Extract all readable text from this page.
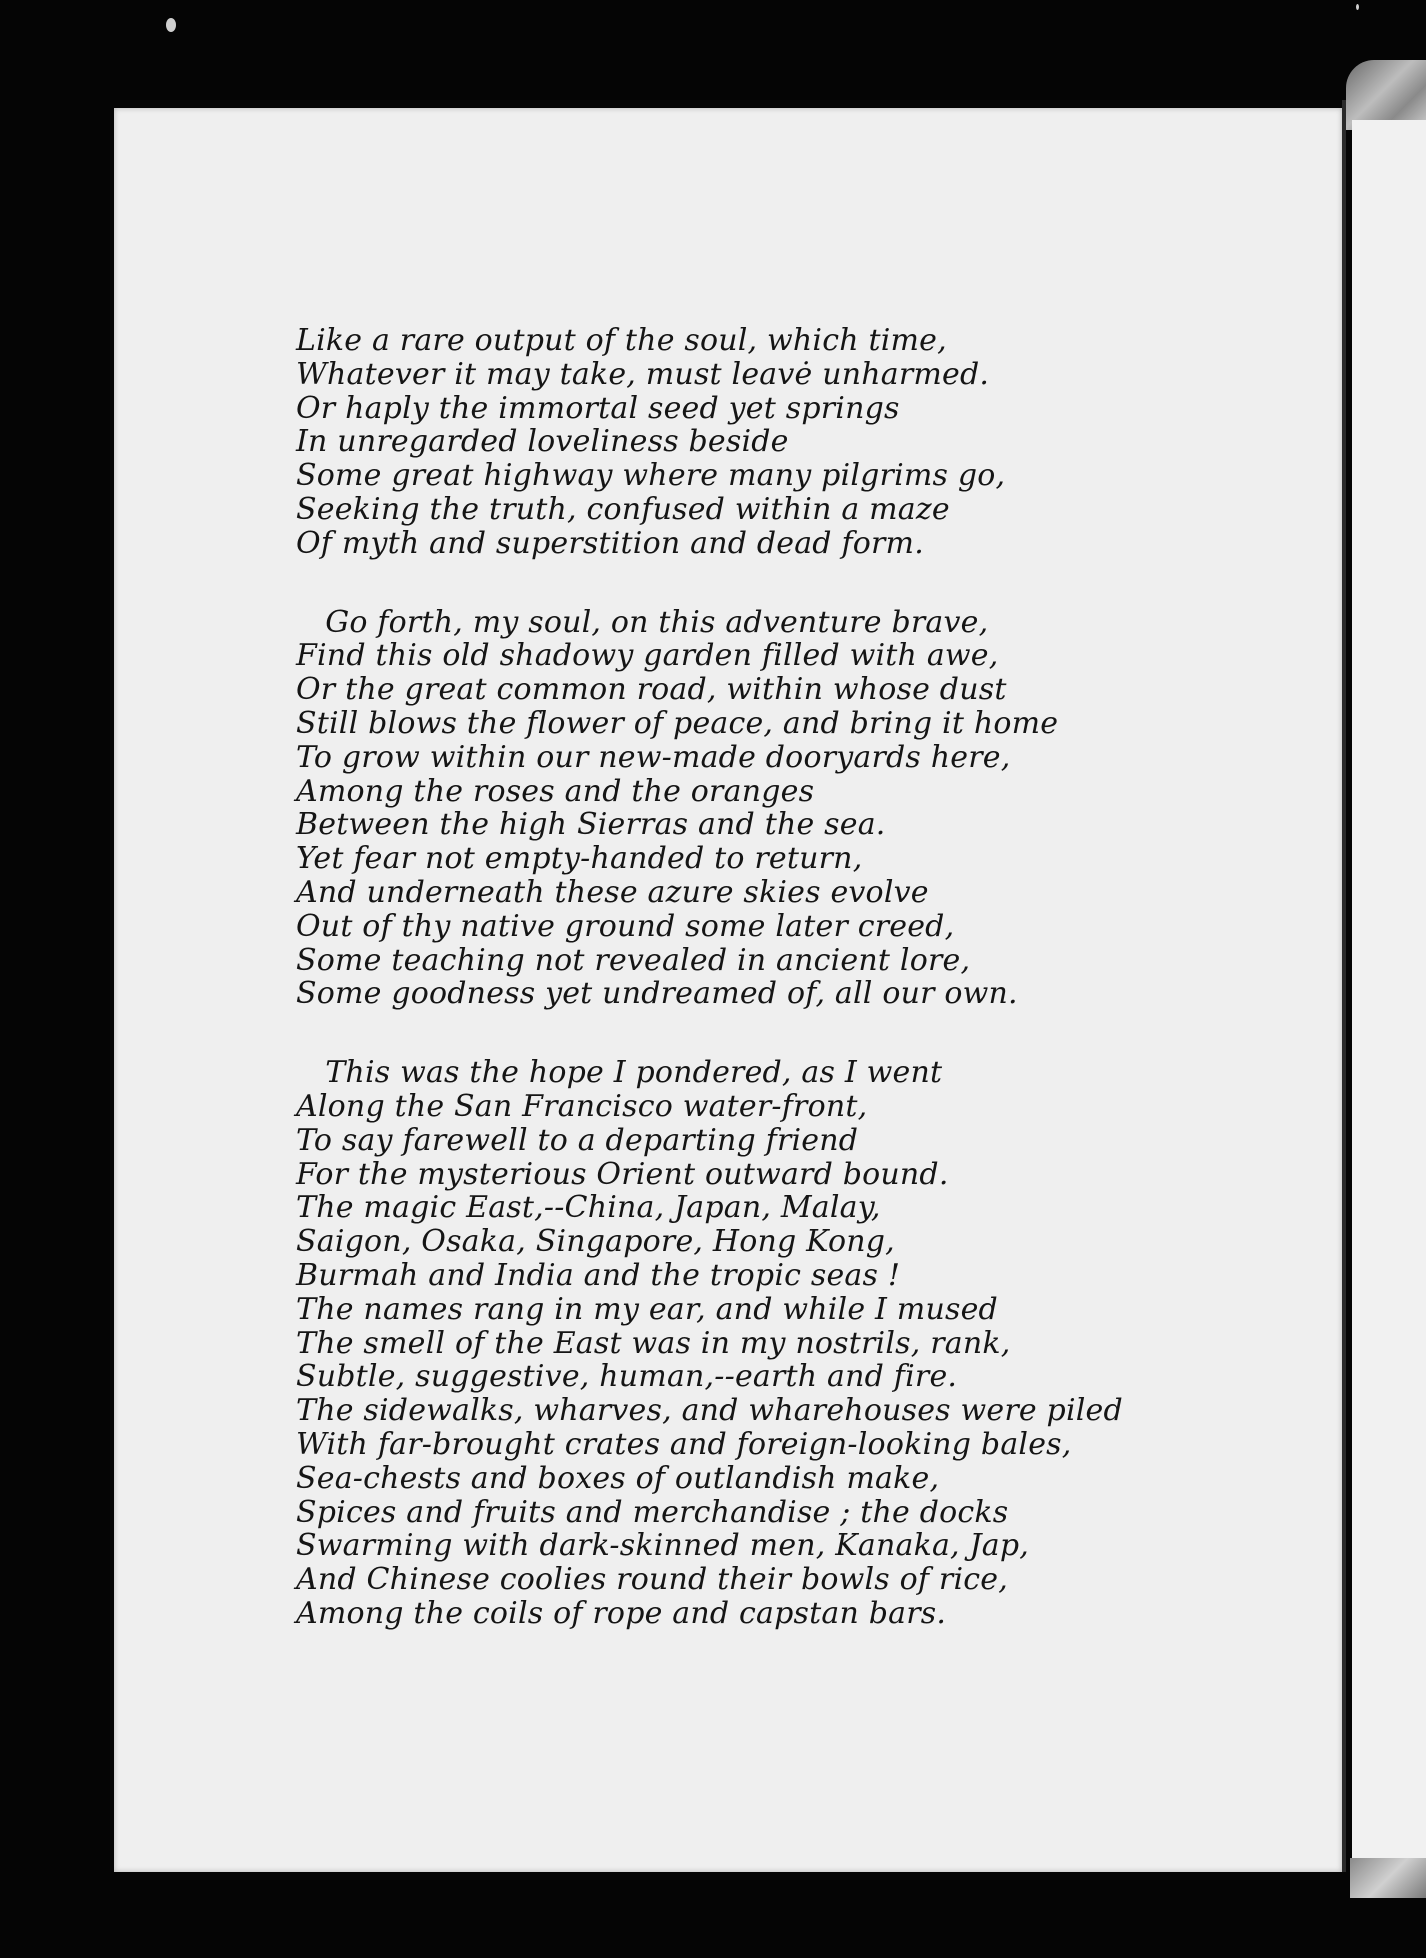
Like a rare output of the soul, which time,
Whatever it may take, must leavė unharmed.
Or haply the immortal seed yet springs
In unregarded loveliness beside
Some great highway where many pilgrims go,
Seeking the truth, confused within a maze
Of myth and superstition and dead form.
Go forth, my soul, on this adventure brave,
Find this old shadowy garden filled with awe,
Or the great common road, within whose dust
Still blows the flower of peace, and bring it home
To grow within our new-made dooryards here,
Among the roses and the oranges
Between the high Sierras and the sea.
Yet fear not empty-handed to return,
And underneath these azure skies evolve
Out of thy native ground some later creed,
Some teaching not revealed in ancient lore,
Some goodness yet undreamed of, all our own.
This was the hope I pondered, as I went
Along the San Francisco water-front,
To say farewell to a departing friend
For the mysterious Orient outward bound.
The magic East,--China, Japan, Malay,
Saigon, Osaka, Singapore, Hong Kong,
Burmah and India and the tropic seas !
The names rang in my ear, and while I mused
The smell of the East was in my nostrils, rank,
Subtle, suggestive, human,--earth and fire.
The sidewalks, wharves, and wharehouses were piled
With far-brought crates and foreign-looking bales,
Sea-chests and boxes of outlandish make,
Spices and fruits and merchandise ; the docks
Swarming with dark-skinned men, Kanaka, Jap,
And Chinese coolies round their bowls of rice,
Among the coils of rope and capstan bars.
